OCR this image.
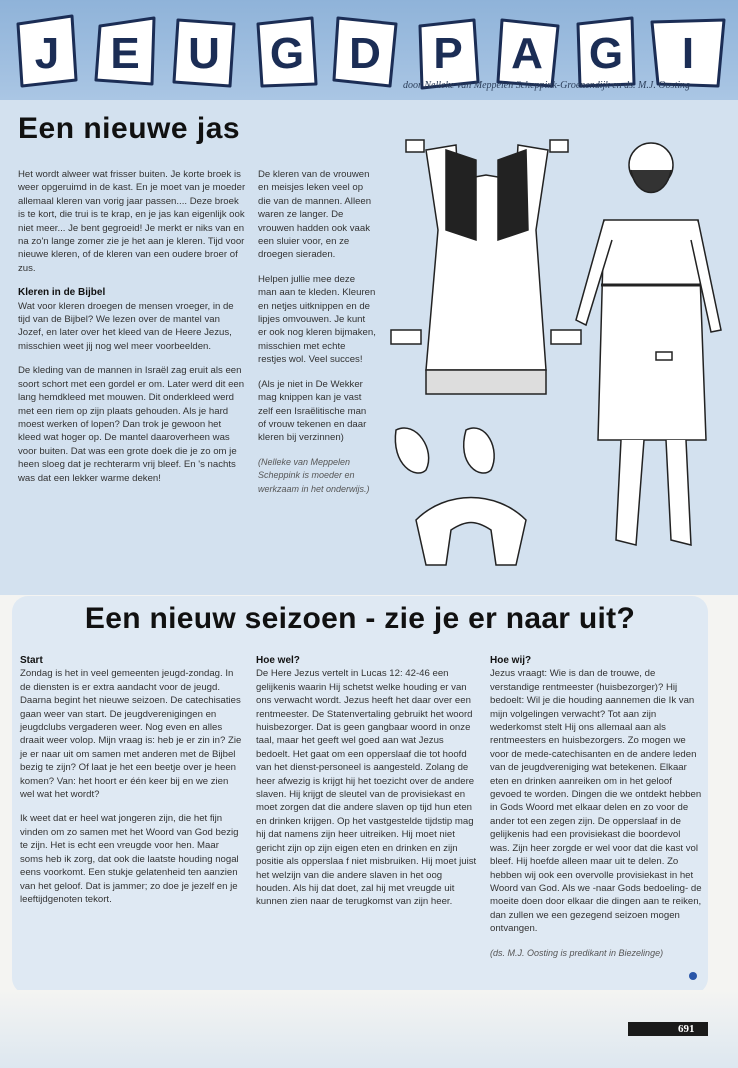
J E U G D P A G I
door Nelleke van Meppelen Scheppink-Groenendijk en ds. M.J. Oosting
Een nieuwe jas

Het wordt alweer wat frisser buiten. Je korte broek is weer opgeruimd in de kast. En je moet van je moeder allemaal kleren van vorig jaar passen.... Deze broek is te kort, die trui is te krap, en je jas kan eigenlijk ook niet meer... Je bent gegroeid! Je merkt er niks van en na zo'n lange zomer zie je het aan je kleren. Tijd voor nieuwe kleren, of de kleren van een oudere broer of zus.

Kleren in de Bijbel

Wat voor kleren droegen de mensen vroeger, in de tijd van de Bijbel? We lezen over de mantel van Jozef, en later over het kleed van de Heere Jezus, misschien weet jij nog wel meer voorbeelden.

De kleding van de mannen in Israël zag eruit als een soort schort met een gordel er om. Later werd dit een lang hemdkleed met mouwen. Dit onderkleed werd met een riem op zijn plaats gehouden. Als je hard moest werken of lopen? Dan trok je gewoon het kleed wat hoger op. De mantel daaroverheen was voor buiten. Dat was een grote doek die je zo om je heen sloeg dat je rechterarm vrij bleef. En 's nachts was dat een lekker warme deken!

De kleren van de vrouwen en meisjes leken veel op die van de mannen. Alleen waren ze langer. De vrouwen hadden ook vaak een sluier voor, en ze droegen sieraden.

Helpen jullie mee deze man aan te kleden. Kleuren en netjes uitknippen en de lipjes omvouwen. Je kunt er ook nog kleren bijmaken, misschien met echte restjes wol. Veel succes!

(Als je niet in De Wekker mag knippen kan je vast zelf een Israëlitische man of vrouw tekenen en daar kleren bij verzinnen)

(Nelleke van Meppelen Scheppink is moeder en werkzaam in het onderwijs.)

Een nieuw seizoen - zie je er naar uit?
Start

Zondag is het in veel gemeenten jeugd-zondag. In de diensten is er extra aandacht voor de jeugd. Daarna begint het nieuwe seizoen. De catechisaties gaan weer van start. De jeugdverenigingen en jeugdclubs vergaderen weer. Nog even en alles draait weer volop. Mijn vraag is: heb je er zin in? Zie je er naar uit om samen met anderen met de Bijbel bezig te zijn? Of laat je het een beetje over je heen komen? Van: het hoort er één keer bij en we zien wel wat het wordt?

Ik weet dat er heel wat jongeren zijn, die het fijn vinden om zo samen met het Woord van God bezig te zijn. Het is echt een vreugde voor hen. Maar soms heb ik zorg, dat ook die laatste houding nogal eens voorkomt. Een stukje gelatenheid ten aanzien van het geloof. Dat is jammer; zo doe je jezelf en je leeftijdgenoten tekort.

Hoe wel?

De Here Jezus vertelt in Lucas 12: 42-46 een gelijkenis waarin Hij schetst welke houding er van ons verwacht wordt. Jezus heeft het daar over een rentmeester. De Statenvertaling gebruikt het woord huisbezorger. Dat is geen gangbaar woord in onze taal, maar het geeft wel goed aan wat Jezus bedoelt. Het gaat om een opperslaaf die tot hoofd van het dienst-personeel is aangesteld. Zolang de heer afwezig is krijgt hij het toezicht over de andere slaven. Hij krijgt de sleutel van de provisiekast en moet zorgen dat die andere slaven op tijd hun eten en drinken krijgen. Op het vastgestelde tijdstip mag hij dat namens zijn heer uitreiken. Hij moet niet gericht zijn op zijn eigen eten en drinken en zijn positie als opperslaa f niet misbruiken. Hij moet juist het welzijn van die andere slaven in het oog houden. Als hij dat doet, zal hij met vreugde uit kunnen zien naar de terugkomst van zijn heer.

Hoe wij?

Jezus vraagt: Wie is dan de trouwe, de verstandige rentmeester (huisbezorger)? Hij bedoelt: Wil je die houding aannemen die Ik van mijn volgelingen verwacht? Tot aan zijn wederkomst stelt Hij ons allemaal aan als rentmeesters en huisbezorgers. Zo mogen we voor de mede-catechisanten en de andere leden van de jeugdvereniging wat betekenen. Elkaar eten en drinken aanreiken om in het geloof gevoed te worden. Dingen die we ontdekt hebben in Gods Woord met elkaar delen en zo voor de ander tot een zegen zijn. De opperslaaf in de gelijkenis had een provisiekast die boordevol was. Zijn heer zorgde er wel voor dat die kast vol bleef. Hij hoefde alleen maar uit te delen. Zo hebben wij ook een overvolle provisiekast in het Woord van God. Als we -naar Gods bedoeling- de moeite doen door elkaar die dingen aan te reiken, dan zullen we een gezegend seizoen mogen ontvangen.

(ds. M.J. Oosting is predikant in Biezelinge)

691
